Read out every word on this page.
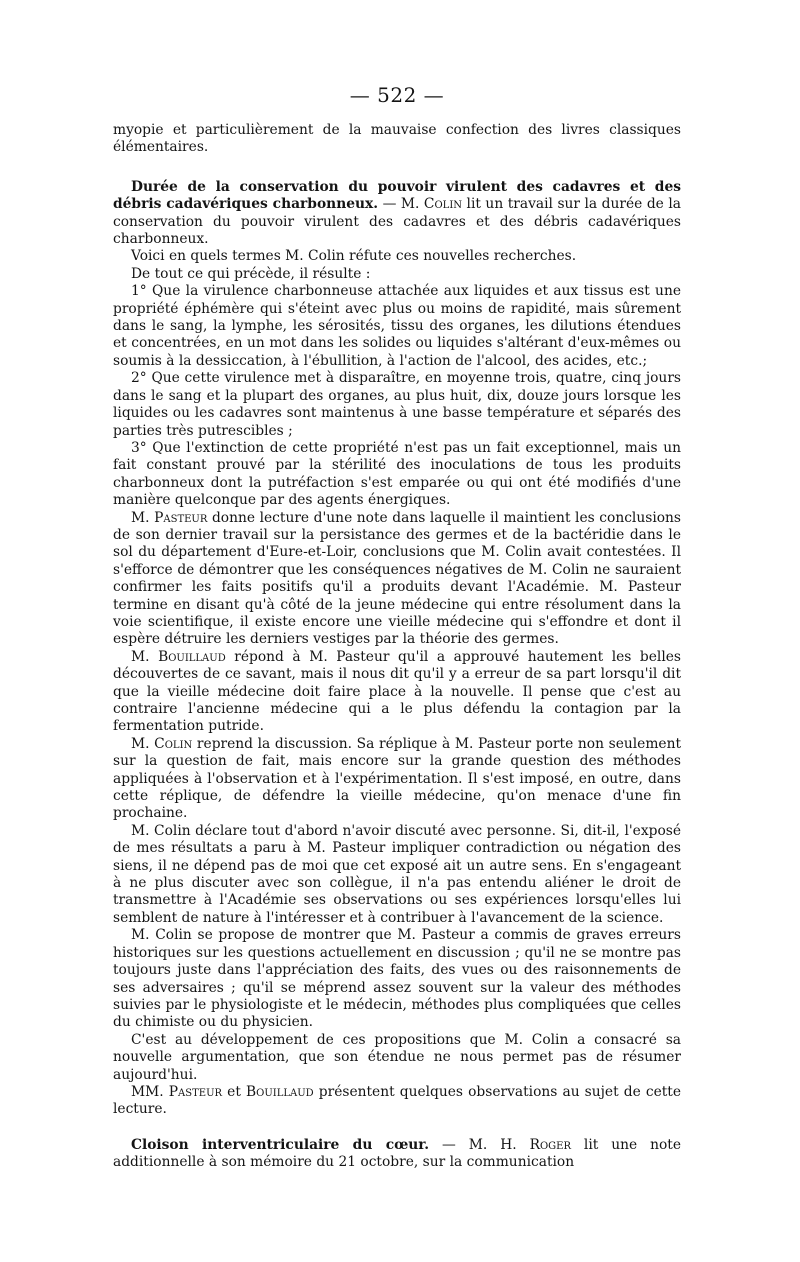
— 522 —

myopie et particulièrement de la mauvaise confection des livres classiques élémentaires.

Durée de la conservation du pouvoir virulent des cadavres et des débris cadavériques charbonneux. — M. Colin lit un travail sur la durée de la conservation du pouvoir virulent des cadavres et des débris cadavériques charbonneux.

Voici en quels termes M. Colin réfute ces nouvelles recherches.

De tout ce qui précède, il résulte :

1° Que la virulence charbonneuse attachée aux liquides et aux tissus est une propriété éphémère qui s'éteint avec plus ou moins de rapidité, mais sûrement dans le sang, la lymphe, les sérosités, tissu des organes, les dilutions étendues et concentrées, en un mot dans les solides ou liquides s'altérant d'eux-mêmes ou soumis à la dessiccation, à l'ébullition, à l'action de l'alcool, des acides, etc.;

2° Que cette virulence met à disparaître, en moyenne trois, quatre, cinq jours dans le sang et la plupart des organes, au plus huit, dix, douze jours lorsque les liquides ou les cadavres sont maintenus à une basse température et séparés des parties très putrescibles ;

3° Que l'extinction de cette propriété n'est pas un fait exceptionnel, mais un fait constant prouvé par la stérilité des inoculations de tous les produits charbonneux dont la putréfaction s'est emparée ou qui ont été modifiés d'une manière quelconque par des agents énergiques.

M. Pasteur donne lecture d'une note dans laquelle il maintient les conclusions de son dernier travail sur la persistance des germes et de la bactéridie dans le sol du département d'Eure-et-Loir, conclusions que M. Colin avait contestées. Il s'efforce de démontrer que les conséquences négatives de M. Colin ne sauraient confirmer les faits positifs qu'il a produits devant l'Académie. M. Pasteur termine en disant qu'à côté de la jeune médecine qui entre résolument dans la voie scientifique, il existe encore une vieille médecine qui s'effondre et dont il espère détruire les derniers vestiges par la théorie des germes.

M. Bouillaud répond à M. Pasteur qu'il a approuvé hautement les belles découvertes de ce savant, mais il nous dit qu'il y a erreur de sa part lorsqu'il dit que la vieille médecine doit faire place à la nouvelle. Il pense que c'est au contraire l'ancienne médecine qui a le plus défendu la contagion par la fermentation putride.

M. Colin reprend la discussion. Sa réplique à M. Pasteur porte non seulement sur la question de fait, mais encore sur la grande question des méthodes appliquées à l'observation et à l'expérimentation. Il s'est imposé, en outre, dans cette réplique, de défendre la vieille médecine, qu'on menace d'une fin prochaine.

M. Colin déclare tout d'abord n'avoir discuté avec personne. Si, dit-il, l'exposé de mes résultats a paru à M. Pasteur impliquer contradiction ou négation des siens, il ne dépend pas de moi que cet exposé ait un autre sens. En s'engageant à ne plus discuter avec son collègue, il n'a pas entendu aliéner le droit de transmettre à l'Académie ses observations ou ses expériences lorsqu'elles lui semblent de nature à l'intéresser et à contribuer à l'avancement de la science.

M. Colin se propose de montrer que M. Pasteur a commis de graves erreurs historiques sur les questions actuellement en discussion ; qu'il ne se montre pas toujours juste dans l'appréciation des faits, des vues ou des raisonnements de ses adversaires ; qu'il se méprend assez souvent sur la valeur des méthodes suivies par le physiologiste et le médecin, méthodes plus compliquées que celles du chimiste ou du physicien.

C'est au développement de ces propositions que M. Colin a consacré sa nouvelle argumentation, que son étendue ne nous permet pas de résumer aujourd'hui.

MM. Pasteur et Bouillaud présentent quelques observations au sujet de cette lecture.

Cloison interventriculaire du cœur. — M. H. Roger lit une note additionnelle à son mémoire du 21 octobre, sur la communication
